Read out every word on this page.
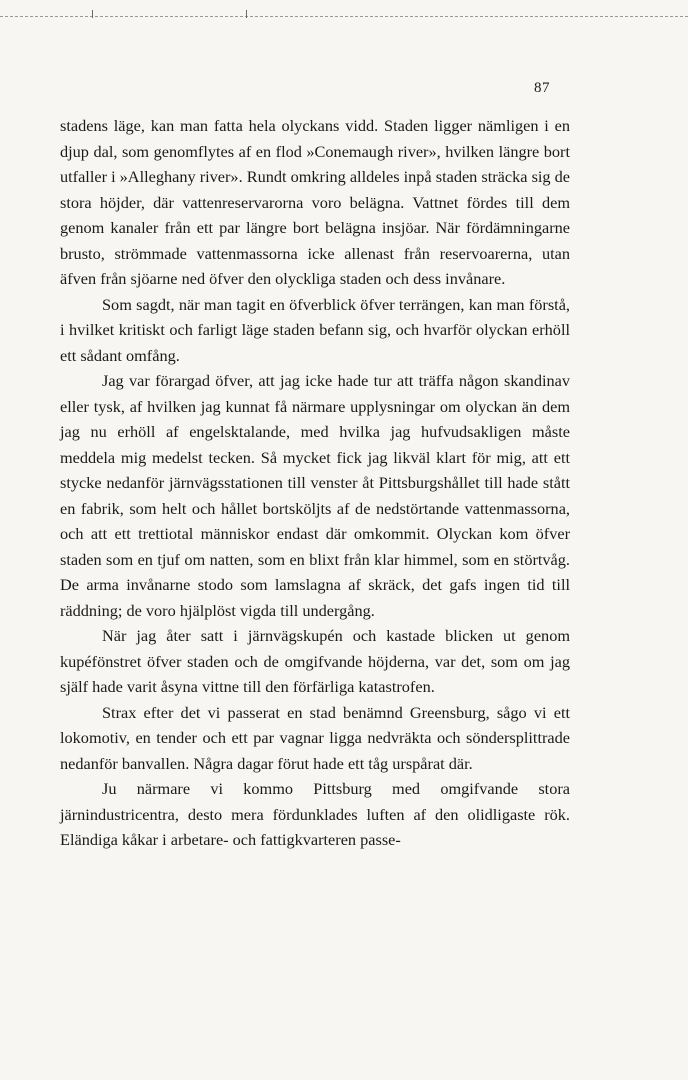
87

stadens läge, kan man fatta hela olyckans vidd. Staden ligger nämligen i en djup dal, som genomflytes af en flod »Conemaugh river», hvilken längre bort utfaller i »Alleghany river». Rundt omkring alldeles inpå staden sträcka sig de stora höjder, där vattenreservarorna voro belägna. Vattnet fördes till dem genom kanaler från ett par längre bort belägna insjöar. När fördämningarne brusto, strömmade vattenmassorna icke allenast från reservoarerna, utan äfven från sjöarne ned öfver den olyckliga staden och dess invånare.

Som sagdt, när man tagit en öfverblick öfver terrängen, kan man förstå, i hvilket kritiskt och farligt läge staden befann sig, och hvarför olyckan erhöll ett sådant omfång.

Jag var förargad öfver, att jag icke hade tur att träffa någon skandinav eller tysk, af hvilken jag kunnat få närmare upplysningar om olyckan än dem jag nu erhöll af engelsktalande, med hvilka jag hufvudsakligen måste meddela mig medelst tecken. Så mycket fick jag likväl klart för mig, att ett stycke nedanför järnvägsstationen till venster åt Pittsburgshållet till hade stått en fabrik, som helt och hållet bortsköljts af de nedstörtande vattenmassorna, och att ett trettiotal människor endast där omkommit. Olyckan kom öfver staden som en tjuf om natten, som en blixt från klar himmel, som en störtvåg. De arma invånarne stodo som lamslagna af skräck, det gafs ingen tid till räddning; de voro hjälplöst vigda till undergång.

När jag åter satt i järnvägskupén och kastade blicken ut genom kupéfönstret öfver staden och de omgifvande höjderna, var det, som om jag själf hade varit åsyna vittne till den förfärliga katastrofen.

Strax efter det vi passerat en stad benämnd Greensburg, sågo vi ett lokomotiv, en tender och ett par vagnar ligga nedvräkta och söndersplittrade nedanför banvallen. Några dagar förut hade ett tåg urspårat där.

Ju närmare vi kommo Pittsburg med omgifvande stora järnindustricentra, desto mera fördunklades luften af den olidligaste rök. Eländiga kåkar i arbetare- och fattigkvarteren passe-
